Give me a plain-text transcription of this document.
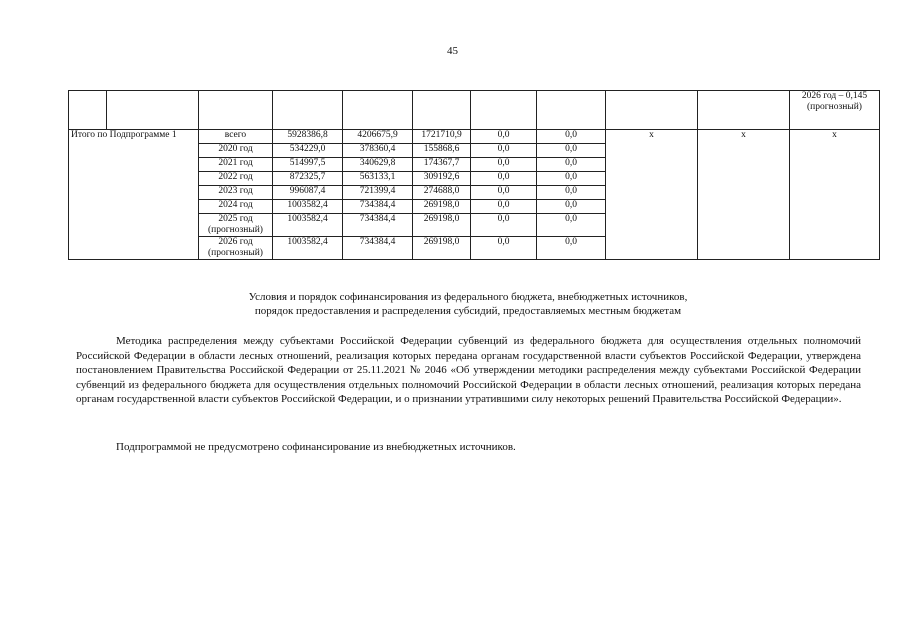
45
										2026 год – 0,145 (прогнозный)
Итого по Подпрограмме 1		всего	5928386,8	4206675,9	1721710,9	0,0	0,0	x	x	x
		2020 год	534229,0	378360,4	155868,6	0,0	0,0			
		2021 год	514997,5	340629,8	174367,7	0,0	0,0			
		2022 год	872325,7	563133,1	309192,6	0,0	0,0			
		2023 год	996087,4	721399,4	274688,0	0,0	0,0			
		2024 год	1003582,4	734384,4	269198,0	0,0	0,0			
		2025 год (прогнозный)	1003582,4	734384,4	269198,0	0,0	0,0			
		2026 год (прогнозный)	1003582,4	734384,4	269198,0	0,0	0,0			
Условия и порядок софинансирования из федерального бюджета, внебюджетных источников,
порядок предоставления и распределения субсидий, предоставляемых местным бюджетам

Методика распределения между субъектами Российской Федерации субвенций из федерального бюджета для осуществления отдельных полномочий Российской Федерации в области лесных отношений, реализация которых передана органам государственной власти субъектов Российской Федерации, утверждена постановлением Правительства Российской Федерации от 25.11.2021 № 2046 «Об утверждении методики распределения между субъектами Российской Федерации субвенций из федерального бюджета для осуществления отдельных полномочий Российской Федерации в области лесных отношений, реализация которых передана органам государственной власти субъектов Российской Федерации, и о признании утратившими силу некоторых решений Правительства Российской Федерации».

Подпрограммой не предусмотрено софинансирование из внебюджетных источников.
